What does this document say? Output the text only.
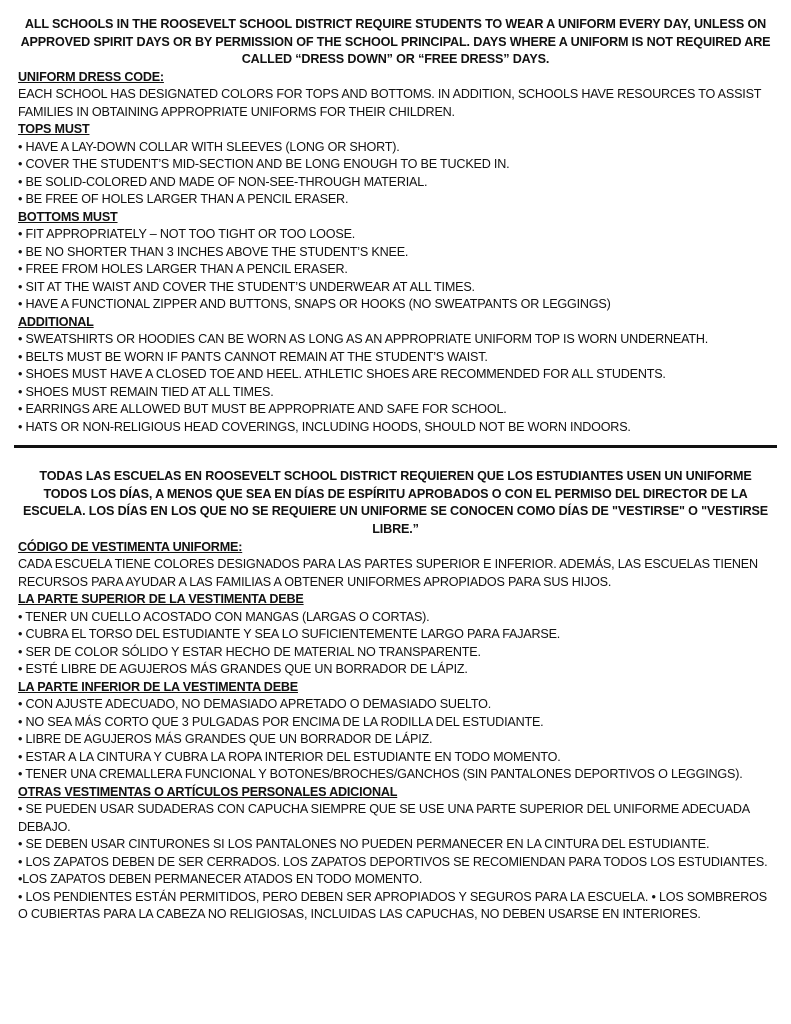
ALL SCHOOLS IN THE ROOSEVELT SCHOOL DISTRICT REQUIRE STUDENTS TO WEAR A UNIFORM EVERY DAY, UNLESS ON APPROVED SPIRIT DAYS OR BY PERMISSION OF THE SCHOOL PRINCIPAL. DAYS WHERE A UNIFORM IS NOT REQUIRED ARE CALLED “DRESS DOWN” OR “FREE DRESS” DAYS.

UNIFORM DRESS CODE:

EACH SCHOOL HAS DESIGNATED COLORS FOR TOPS AND BOTTOMS. IN ADDITION, SCHOOLS HAVE RESOURCES TO ASSIST FAMILIES IN OBTAINING APPROPRIATE UNIFORMS FOR THEIR CHILDREN.

TOPS MUST

• HAVE A LAY-DOWN COLLAR WITH SLEEVES (LONG OR SHORT).
• COVER THE STUDENT’S MID-SECTION AND BE LONG ENOUGH TO BE TUCKED IN.
• BE SOLID-COLORED AND MADE OF NON-SEE-THROUGH MATERIAL.
• BE FREE OF HOLES LARGER THAN A PENCIL ERASER.

BOTTOMS MUST

• FIT APPROPRIATELY – NOT TOO TIGHT OR TOO LOOSE.
• BE NO SHORTER THAN 3 INCHES ABOVE THE STUDENT’S KNEE.
• FREE FROM HOLES LARGER THAN A PENCIL ERASER.
• SIT AT THE WAIST AND COVER THE STUDENT’S UNDERWEAR AT ALL TIMES.
• HAVE A FUNCTIONAL ZIPPER AND BUTTONS, SNAPS OR HOOKS (NO SWEATPANTS OR LEGGINGS)

ADDITIONAL

• SWEATSHIRTS OR HOODIES CAN BE WORN AS LONG AS AN APPROPRIATE UNIFORM TOP IS WORN UNDERNEATH.
• BELTS MUST BE WORN IF PANTS CANNOT REMAIN AT THE STUDENT’S WAIST.
• SHOES MUST HAVE A CLOSED TOE AND HEEL. ATHLETIC SHOES ARE RECOMMENDED FOR ALL STUDENTS.
• SHOES MUST REMAIN TIED AT ALL TIMES.
• EARRINGS ARE ALLOWED BUT MUST BE APPROPRIATE AND SAFE FOR SCHOOL.
• HATS OR NON-RELIGIOUS HEAD COVERINGS, INCLUDING HOODS, SHOULD NOT BE WORN INDOORS.

TODAS LAS ESCUELAS EN ROOSEVELT SCHOOL DISTRICT REQUIEREN QUE LOS ESTUDIANTES USEN UN UNIFORME TODOS LOS DÍAS, A MENOS QUE SEA EN DÍAS DE ESPÍRITU APROBADOS O CON EL PERMISO DEL DIRECTOR DE LA ESCUELA. LOS DÍAS EN LOS QUE NO SE REQUIERE UN UNIFORME SE CONOCEN COMO DÍAS DE "VESTIRSE" O "VESTIRSE LIBRE.”

CÓDIGO DE VESTIMENTA UNIFORME:

CADA ESCUELA TIENE COLORES DESIGNADOS PARA LAS PARTES SUPERIOR E INFERIOR. ADEMÁS, LAS ESCUELAS TIENEN RECURSOS PARA AYUDAR A LAS FAMILIAS A OBTENER UNIFORMES APROPIADOS PARA SUS HIJOS.

LA PARTE SUPERIOR DE LA VESTIMENTA DEBE

• TENER UN CUELLO ACOSTADO CON MANGAS (LARGAS O CORTAS).
• CUBRA EL TORSO DEL ESTUDIANTE Y SEA LO SUFICIENTEMENTE LARGO PARA FAJARSE.
• SER DE COLOR SÓLIDO Y ESTAR HECHO DE MATERIAL NO TRANSPARENTE.
• ESTÉ LIBRE DE AGUJEROS MÁS GRANDES QUE UN BORRADOR DE LÁPIZ.

LA PARTE INFERIOR DE LA VESTIMENTA DEBE

• CON AJUSTE ADECUADO, NO DEMASIADO APRETADO O DEMASIADO SUELTO.
• NO SEA MÁS CORTO QUE 3 PULGADAS POR ENCIMA DE LA RODILLA DEL ESTUDIANTE.
• LIBRE DE AGUJEROS MÁS GRANDES QUE UN BORRADOR DE LÁPIZ.
• ESTAR A LA CINTURA Y CUBRA LA ROPA INTERIOR DEL ESTUDIANTE EN TODO MOMENTO.
• TENER UNA CREMALLERA FUNCIONAL Y BOTONES/BROCHES/GANCHOS (SIN PANTALONES DEPORTIVOS O LEGGINGS).

OTRAS VESTIMENTAS O ARTÍCULOS PERSONALES ADICIONAL

• SE PUEDEN USAR SUDADERAS CON CAPUCHA SIEMPRE QUE SE USE UNA PARTE SUPERIOR DEL UNIFORME ADECUADA DEBAJO.
• SE DEBEN USAR CINTURONES SI LOS PANTALONES NO PUEDEN PERMANECER EN LA CINTURA DEL ESTUDIANTE.
• LOS ZAPATOS DEBEN DE SER CERRADOS. LOS ZAPATOS DEPORTIVOS SE RECOMIENDAN PARA TODOS LOS ESTUDIANTES.
•LOS ZAPATOS DEBEN PERMANECER ATADOS EN TODO MOMENTO.
• LOS PENDIENTES ESTÁN PERMITIDOS, PERO DEBEN SER APROPIADOS Y SEGUROS PARA LA ESCUELA. • LOS SOMBREROS O CUBIERTAS PARA LA CABEZA NO RELIGIOSAS, INCLUIDAS LAS CAPUCHAS, NO DEBEN USARSE EN INTERIORES.
